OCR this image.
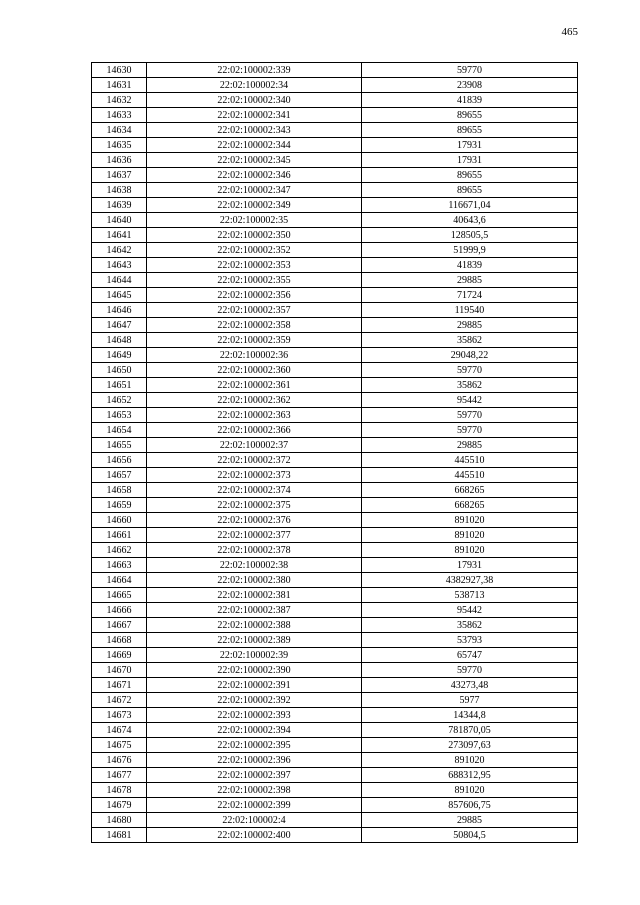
465
14630	22:02:100002:339	59770
14631	22:02:100002:34	23908
14632	22:02:100002:340	41839
14633	22:02:100002:341	89655
14634	22:02:100002:343	89655
14635	22:02:100002:344	17931
14636	22:02:100002:345	17931
14637	22:02:100002:346	89655
14638	22:02:100002:347	89655
14639	22:02:100002:349	116671,04
14640	22:02:100002:35	40643,6
14641	22:02:100002:350	128505,5
14642	22:02:100002:352	51999,9
14643	22:02:100002:353	41839
14644	22:02:100002:355	29885
14645	22:02:100002:356	71724
14646	22:02:100002:357	119540
14647	22:02:100002:358	29885
14648	22:02:100002:359	35862
14649	22:02:100002:36	29048,22
14650	22:02:100002:360	59770
14651	22:02:100002:361	35862
14652	22:02:100002:362	95442
14653	22:02:100002:363	59770
14654	22:02:100002:366	59770
14655	22:02:100002:37	29885
14656	22:02:100002:372	445510
14657	22:02:100002:373	445510
14658	22:02:100002:374	668265
14659	22:02:100002:375	668265
14660	22:02:100002:376	891020
14661	22:02:100002:377	891020
14662	22:02:100002:378	891020
14663	22:02:100002:38	17931
14664	22:02:100002:380	4382927,38
14665	22:02:100002:381	538713
14666	22:02:100002:387	95442
14667	22:02:100002:388	35862
14668	22:02:100002:389	53793
14669	22:02:100002:39	65747
14670	22:02:100002:390	59770
14671	22:02:100002:391	43273,48
14672	22:02:100002:392	5977
14673	22:02:100002:393	14344,8
14674	22:02:100002:394	781870,05
14675	22:02:100002:395	273097,63
14676	22:02:100002:396	891020
14677	22:02:100002:397	688312,95
14678	22:02:100002:398	891020
14679	22:02:100002:399	857606,75
14680	22:02:100002:4	29885
14681	22:02:100002:400	50804,5
